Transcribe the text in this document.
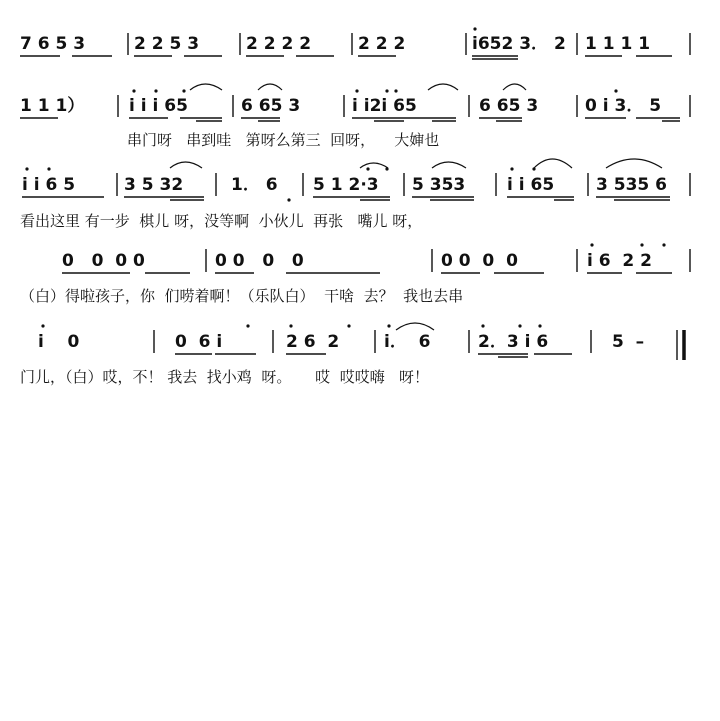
7 6 5 3	2 2 5 3	2 2 2 2	2 2 2	i652 3． 2 1 1 1 1
1 1 1）	i i i 65	6 65 3	i i2i 65	6 65 3	0 i 3． 5
串门呀   串到哇   第呀么第三  回呀，    大婶也
i i 6 5	3 5 32	1． 6 5 1 2·3 5 353 i i 65 3 535 6
看出这里 有一步  棋儿 呀，没等啊  小伙儿  再张   嘴儿 呀，
0   0  0 0	0 0   0   0	0 0  0  0	i 6  2 2
（白）得啦孩子，你  们唠着啊！（乐队白）  干啥  去？  我也去串
i    0	0  6 i	2 6  2	i．  6	2．3 i 6	5  –
门儿，（白）哎，不！ 我去  找小鸡  呀。     哎  哎哎嗨   呀！
